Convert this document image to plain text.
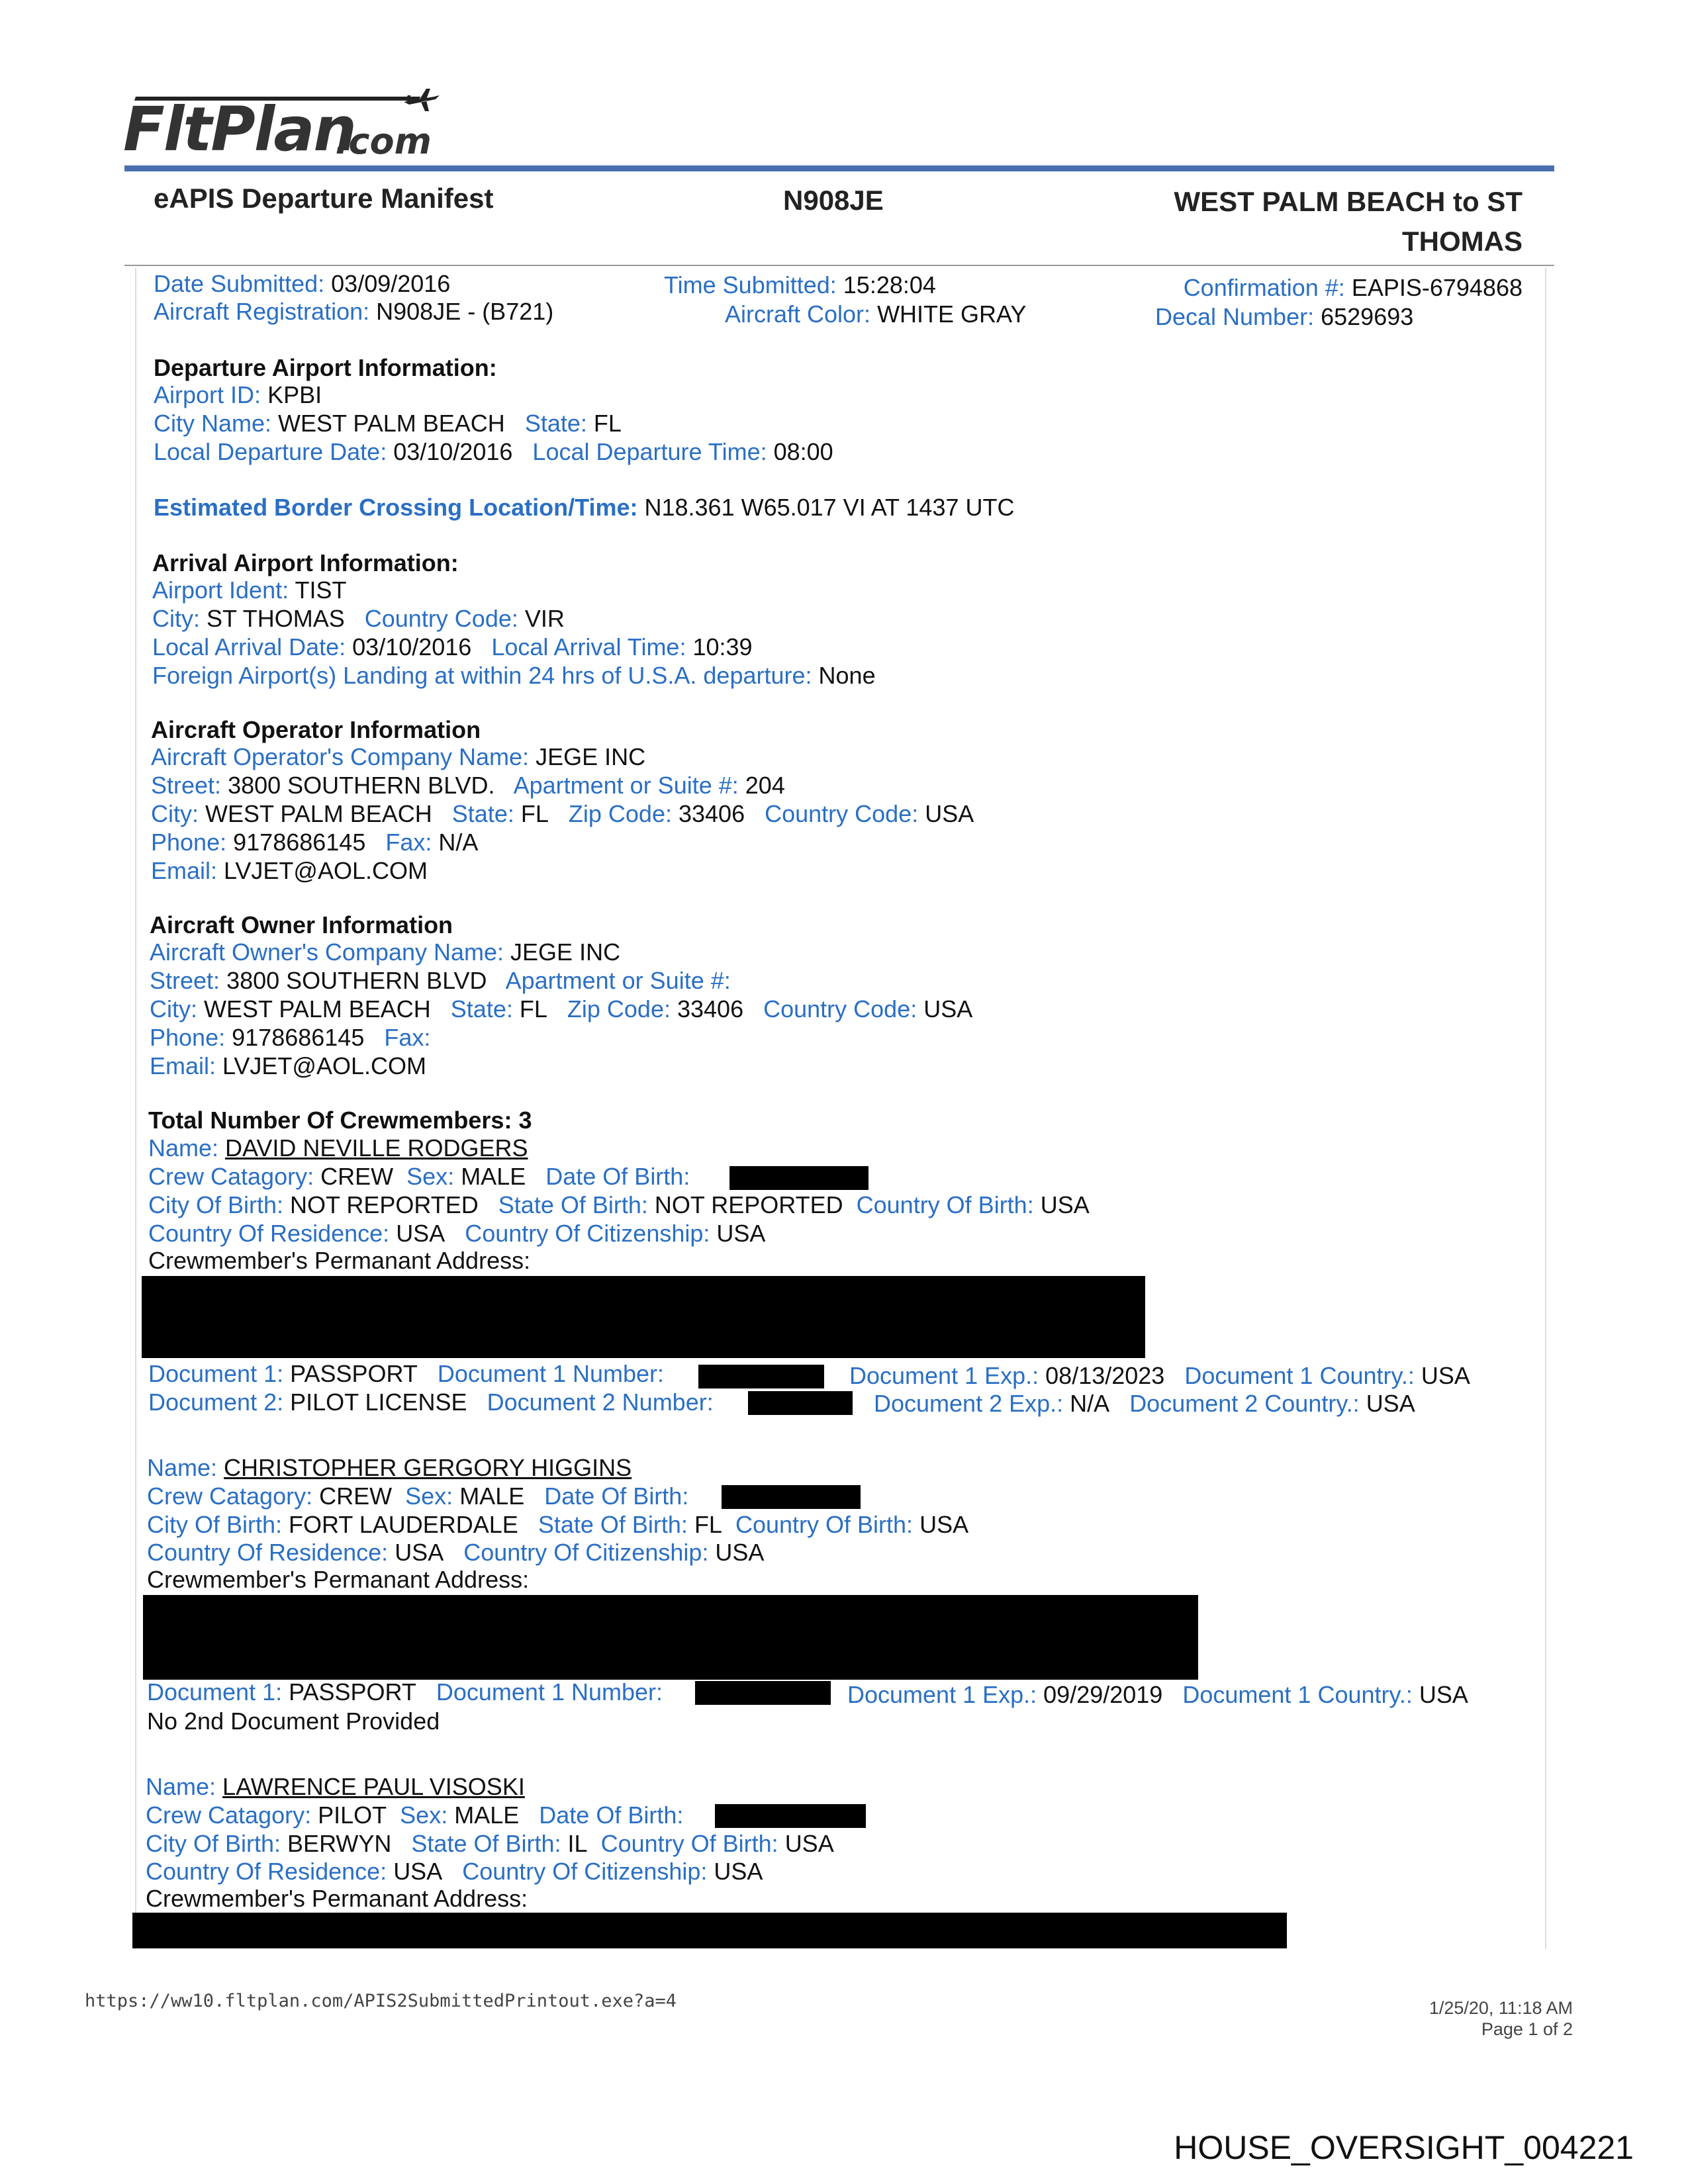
FltPlan
.com
eAPIS Departure Manifest	N908JE	WEST PALM BEACH to ST
THOMAS
Date Submitted: 03/09/2016	Time Submitted: 15:28:04	Confirmation #: EAPIS-6794868
Aircraft Registration: N908JE - (B721)	Aircraft Color: WHITE GRAY	Decal Number: 6529693
Departure Airport Information:
Airport ID: KPBI
City Name: WEST PALM BEACH State: FL
Local Departure Date: 03/10/2016 Local Departure Time: 08:00
Estimated Border Crossing Location/Time: N18.361 W65.017 VI AT 1437 UTC
Arrival Airport Information:
Airport Ident: TIST
City: ST THOMAS Country Code: VIR
Local Arrival Date: 03/10/2016 Local Arrival Time: 10:39
Foreign Airport(s) Landing at within 24 hrs of U.S.A. departure: None
Aircraft Operator Information
Aircraft Operator's Company Name: JEGE INC
Street: 3800 SOUTHERN BLVD. Apartment or Suite #: 204
City: WEST PALM BEACH State: FL Zip Code: 33406 Country Code: USA
Phone: 9178686145 Fax: N/A
Email: LVJET@AOL.COM
Aircraft Owner Information
Aircraft Owner's Company Name: JEGE INC
Street: 3800 SOUTHERN BLVD Apartment or Suite #:
City: WEST PALM BEACH State: FL Zip Code: 33406 Country Code: USA
Phone: 9178686145 Fax:
Email: LVJET@AOL.COM
Total Number Of Crewmembers: 3
Name: DAVID NEVILLE RODGERS
Crew Catagory: CREW Sex: MALE Date Of Birth:
City Of Birth: NOT REPORTED State Of Birth: NOT REPORTED Country Of Birth: USA
Country Of Residence: USA Country Of Citizenship: USA
Crewmember's Permanant Address:
Document 1: PASSPORT Document 1 Number:	Document 1 Exp.: 08/13/2023 Document 1 Country.: USA
Document 2: PILOT LICENSE Document 2 Number:	Document 2 Exp.: N/A Document 2 Country.: USA
Name: CHRISTOPHER GERGORY HIGGINS
Crew Catagory: CREW Sex: MALE Date Of Birth:
City Of Birth: FORT LAUDERDALE State Of Birth: FL Country Of Birth: USA
Country Of Residence: USA Country Of Citizenship: USA
Crewmember's Permanant Address:
Document 1: PASSPORT Document 1 Number:	Document 1 Exp.: 09/29/2019 Document 1 Country.: USA
No 2nd Document Provided
Name: LAWRENCE PAUL VISOSKI
Crew Catagory: PILOT Sex: MALE Date Of Birth:
City Of Birth: BERWYN State Of Birth: IL Country Of Birth: USA
Country Of Residence: USA Country Of Citizenship: USA
Crewmember's Permanant Address:
https://ww10.fltplan.com/APIS2SubmittedPrintout.exe?a=4	1/25/20, 11:18 AM
Page 1 of 2
HOUSE_OVERSIGHT_004221
